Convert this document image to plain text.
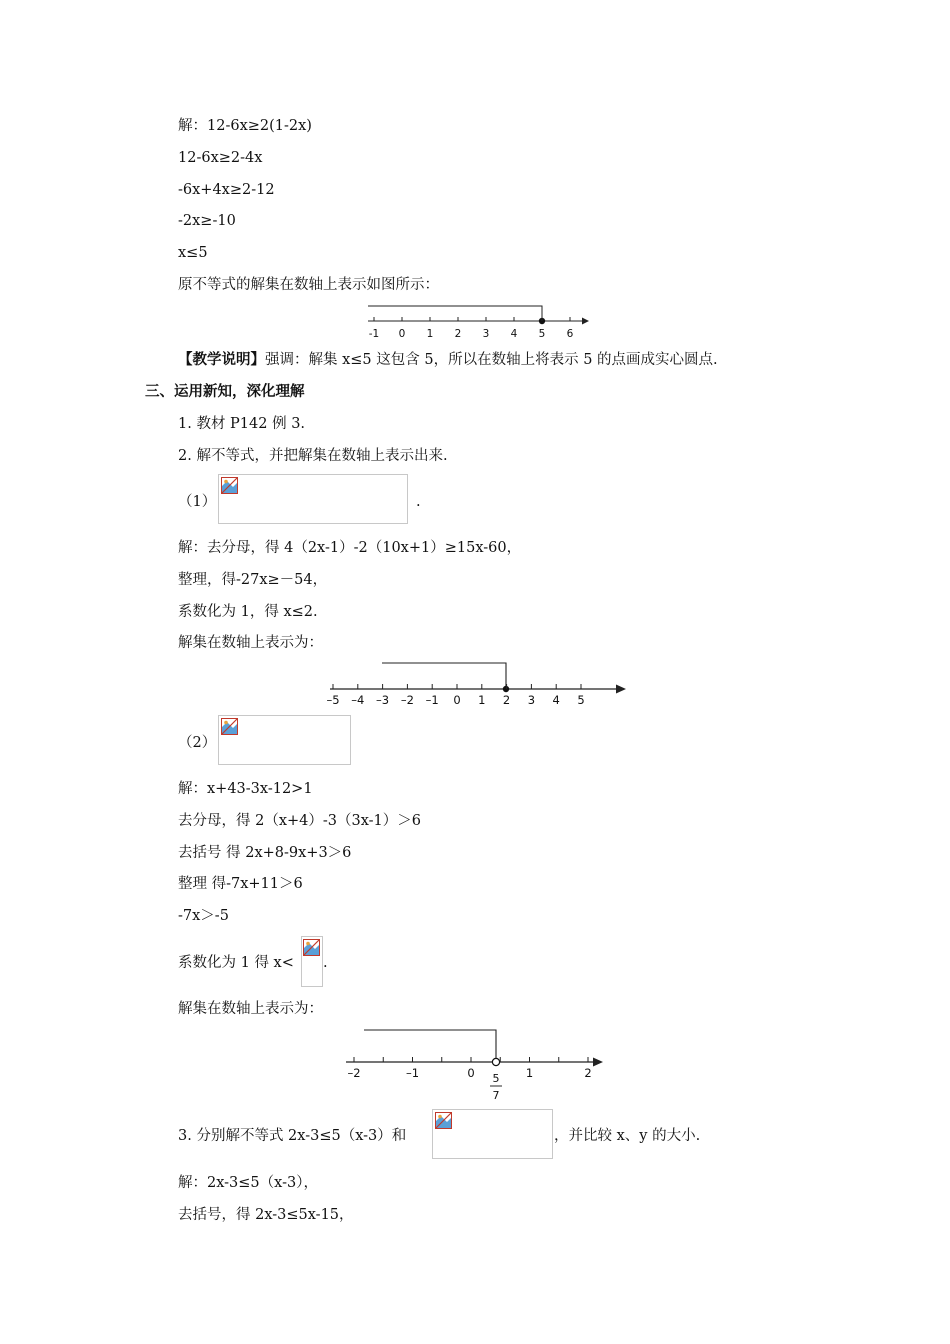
解：12-6x≥2(1-2x)
12-6x≥2-4x
-6x+4x≥2-12
-2x≥-10
x≤5
原不等式的解集在数轴上表示如图所示：
-1 0 1 2 3 4 5 6
【教学说明】强调：解集 x≤5 这包含 5，所以在数轴上将表示 5 的点画成实心圆点.
三、运用新知，深化理解
1. 教材 P142 例 3.
2. 解不等式，并把解集在数轴上表示出来.
（1）	.
解：去分母，得 4（2x-1）-2（10x+1）≥15x-60，
整理，得-27x≥－54，
系数化为 1，得 x≤2.
解集在数轴上表示为：
–5 –4 –3 –2 –1 0 1 2 3 4 5
（2）
解：x+43-3x-12>1
去分母，得 2（x+4）-3（3x-1）＞6
去括号 得 2x+8-9x+3＞6
整理 得-7x+11＞6
-7x＞-5
系数化为 1 得 x< .
解集在数轴上表示为：
–2	–1	0	1	2
5
7
3. 分别解不等式 2x-3≤5（x-3）和	，并比较 x、y 的大小.
解：2x-3≤5（x-3），
去括号，得 2x-3≤5x-15，
